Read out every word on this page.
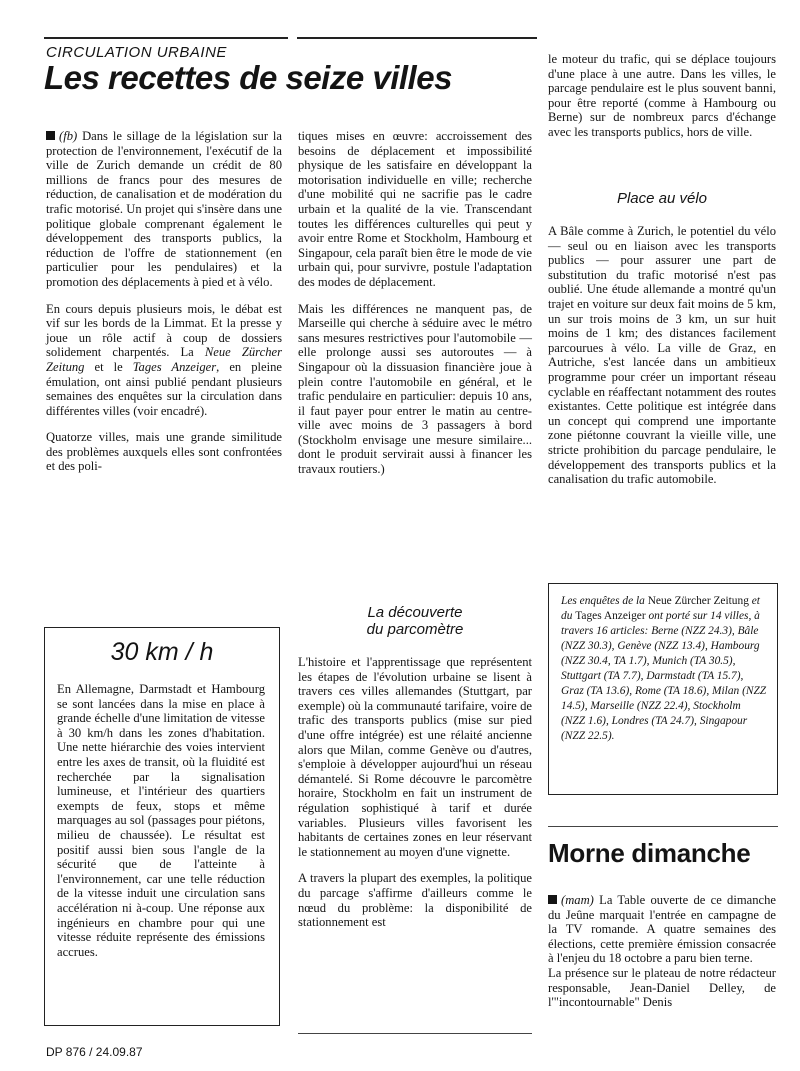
CIRCULATION URBAINE
Les recettes de seize villes

(fb) Dans le sillage de la législation sur la protection de l'environnement, l'exécutif de la ville de Zurich demande un crédit de 80 millions de francs pour des mesures de réduction, de canalisation et de modération du trafic motorisé. Un projet qui s'insère dans une politique globale comprenant également le développement des transports publics, la réduction de l'offre de stationnement (en particulier pour les pendulaires) et la promotion des déplacements à pied et à vélo.

En cours depuis plusieurs mois, le débat est vif sur les bords de la Limmat. Et la presse y joue un rôle actif à coup de dossiers solidement charpentés. La Neue Zürcher Zeitung et le Tages Anzeiger, en pleine émulation, ont ainsi publié pendant plusieurs semaines des enquêtes sur la circulation dans différentes villes (voir encadré).

Quatorze villes, mais une grande similitude des problèmes auxquels elles sont confrontées et des poli-

30 km / h
En Allemagne, Darmstadt et Hambourg se sont lancées dans la mise en place à grande échelle d'une limitation de vitesse à 30 km/h dans les zones d'habitation. Une nette hiérarchie des voies intervient entre les axes de transit, où la fluidité est recherchée par la signalisation lumineuse, et l'intérieur des quartiers exempts de feux, stops et même marquages au sol (passages pour piétons, milieu de chaussée). Le résultat est positif aussi bien sous l'angle de la sécurité que de l'atteinte à l'environnement, car une telle réduction de la vitesse induit une circulation sans accélération ni à-coup. Une réponse aux ingénieurs en chambre pour qui une vitesse réduite représente des émissions accrues.

tiques mises en œuvre: accroissement des besoins de déplacement et impossibilité physique de les satisfaire en développant la motorisation individuelle en ville; recherche d'une mobilité qui ne sacrifie pas le cadre urbain et la qualité de la vie. Transcendant toutes les différences culturelles qui peut y avoir entre Rome et Stockholm, Hambourg et Singapour, cela paraît bien être le mode de vie urbain qui, pour survivre, postule l'adaptation des modes de déplacement.

Mais les différences ne manquent pas, de Marseille qui cherche à séduire avec le métro sans mesures restrictives pour l'automobile — elle prolonge aussi ses autoroutes — à Singapour où la dissuasion financière joue à plein contre l'automobile en général, et le trafic pendulaire en particulier: depuis 10 ans, il faut payer pour entrer le matin au centre-ville avec moins de 3 passagers à bord (Stockholm envisage une mesure similaire... dont le produit servirait aussi à financer les travaux routiers.)

La découverte
du parcomètre

L'histoire et l'apprentissage que représentent les étapes de l'évolution urbaine se lisent à travers ces villes allemandes (Stuttgart, par exemple) où la communauté tarifaire, voire de trafic des transports publics (mise sur pied d'une offre intégrée) est une rélaité ancienne alors que Milan, comme Genève ou d'autres, s'emploie à développer aujourd'hui un réseau démantelé. Si Rome découvre le parcomètre horaire, Stockholm en fait un instrument de régulation sophistiqué à tarif et durée variables. Plusieurs villes favorisent les habitants de certaines zones en leur réservant le stationnement au moyen d'une vignette.

A travers la plupart des exemples, la politique du parcage s'affirme d'ailleurs comme le nœud du problème: la disponibilité de stationnement est

le moteur du trafic, qui se déplace toujours d'une place à une autre. Dans les villes, le parcage pendulaire est le plus souvent banni, pour être reporté (comme à Hambourg ou Berne) sur de nombreux parcs d'échange avec les transports publics, hors de ville.

Place au vélo

A Bâle comme à Zurich, le potentiel du vélo — seul ou en liaison avec les transports publics — pour assurer une part de substitution du trafic motorisé n'est pas oublié. Une étude allemande a montré qu'un trajet en voiture sur deux fait moins de 5 km, un sur trois moins de 3 km, un sur huit moins de 1 km; des distances facilement parcourues à vélo. La ville de Graz, en Autriche, s'est lancée dans un ambitieux programme pour créer un important réseau cyclable en réaffectant notamment des routes existantes. Cette politique est intégrée dans un concept qui comprend une importante zone piétonne couvrant la vieille ville, une stricte prohibition du parcage pendulaire, le développement des transports publics et la canalisation du trafic automobile.

Les enquêtes de la Neue Zürcher Zeitung et du Tages Anzeiger ont porté sur 14 villes, à travers 16 articles: Berne (NZZ 24.3), Bâle (NZZ 30.3), Genève (NZZ 13.4), Hambourg (NZZ 30.4, TA 1.7), Munich (TA 30.5), Stuttgart (TA 7.7), Darmstadt (TA 15.7), Graz (TA 13.6), Rome (TA 18.6), Milan (NZZ 14.5), Marseille (NZZ 22.4), Stockholm (NZZ 1.6), Londres (TA 24.7), Singapour (NZZ 22.5).
Morne dimanche

(mam) La Table ouverte de ce dimanche du Jeûne marquait l'entrée en campagne de la TV romande. A quatre semaines des élections, cette première émission consacrée à l'enjeu du 18 octobre a paru bien terne.

La présence sur le plateau de notre rédacteur responsable, Jean-Daniel Delley, de l'"incontournable" Denis

DP 876 / 24.09.87
